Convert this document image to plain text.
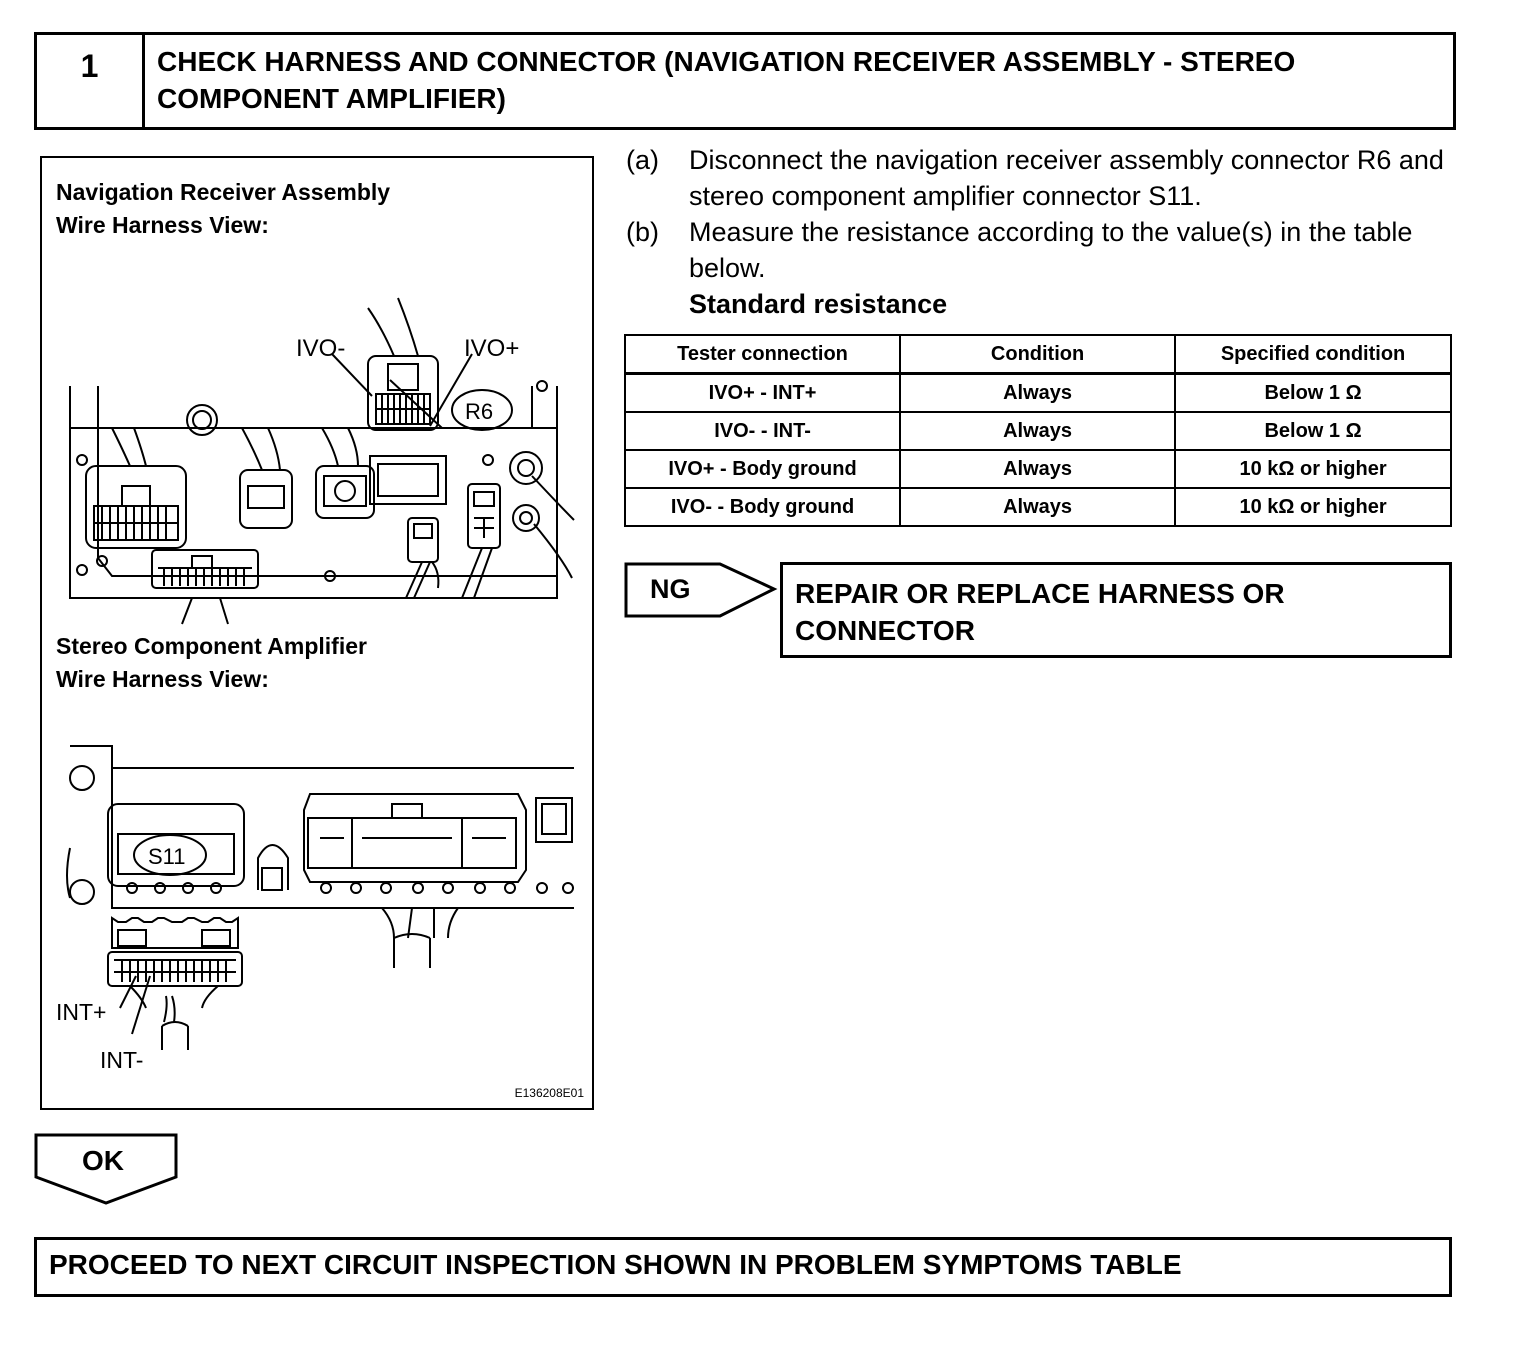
1	CHECK HARNESS AND CONNECTOR (NAVIGATION RECEIVER ASSEMBLY - STEREO COMPONENT AMPLIFIER)
IVO-	IVO+
R6
S11
INT+
INT-
Navigation Receiver Assembly
Wire Harness View:
Stereo Component Amplifier
Wire Harness View:
E136208E01
(a)	Disconnect the navigation receiver assembly connector R6 and stereo component amplifier connector S11.
(b)	Measure the resistance according to the value(s) in the table below.
Standard resistance
Tester connection	Condition	Specified condition
IVO+ - INT+	Always	Below 1 Ω
IVO- - INT-	Always	Below 1 Ω
IVO+ - Body ground	Always	10 kΩ or higher
IVO- - Body ground	Always	10 kΩ or higher
NG	REPAIR OR REPLACE HARNESS OR CONNECTOR
OK
PROCEED TO NEXT CIRCUIT INSPECTION SHOWN IN PROBLEM SYMPTOMS TABLE
